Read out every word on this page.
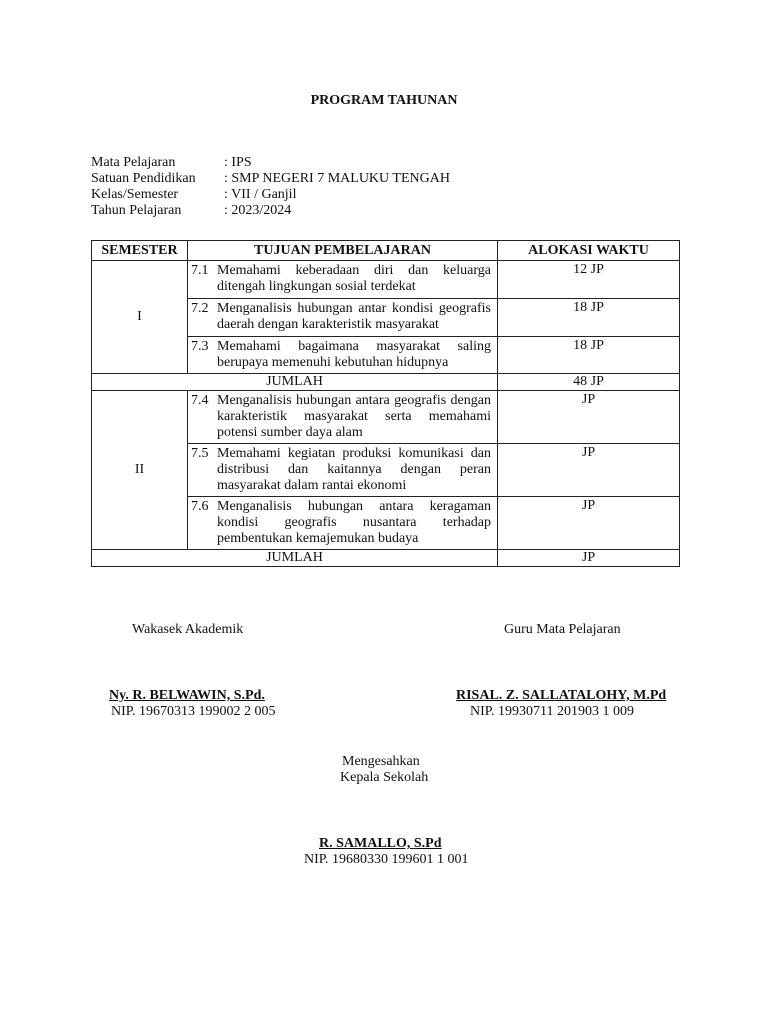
PROGRAM TAHUNAN
Mata Pelajaran	: IPS
Satuan Pendidikan : SMP NEGERI 7 MALUKU TENGAH
Kelas/Semester	: VII / Ganjil
Tahun Pelajaran	: 2023/2024
SEMESTER	TUJUAN PEMBELAJARAN	ALOKASI WAKTU
I	7.1 Memahami keberadaan diri dan keluarga ditengah lingkungan sosial terdekat	12 JP

	7.2 Menganalisis hubungan antar kondisi geografis daerah dengan karakteristik masyarakat	18 JP

	7.3 Memahami bagaimana masyarakat saling berupaya memenuhi kebutuhan hidupnya	18 JP
JUMLAH		48 JP
II	7.4 Menganalisis hubungan antara geografis dengan karakteristik masyarakat serta memahami potensi sumber daya alam	JP

	7.5 Memahami kegiatan produksi komunikasi dan distribusi dan kaitannya dengan peran masyarakat dalam rantai ekonomi	JP

	7.6 Menganalisis hubungan antara keragaman kondisi geografis nusantara terhadap pembentukan kemajemukan budaya	JP
JUMLAH		JP
Wakasek Akademik	Guru Mata Pelajaran
Ny. R. BELWAWIN, S.Pd.
NIP. 19670313 199002 2 005
RISAL. Z. SALLATALOHY, M.Pd
NIP. 19930711 201903 1 009
Mengesahkan
Kepala Sekolah
R. SAMALLO, S.Pd
NIP. 19680330 199601 1 001
